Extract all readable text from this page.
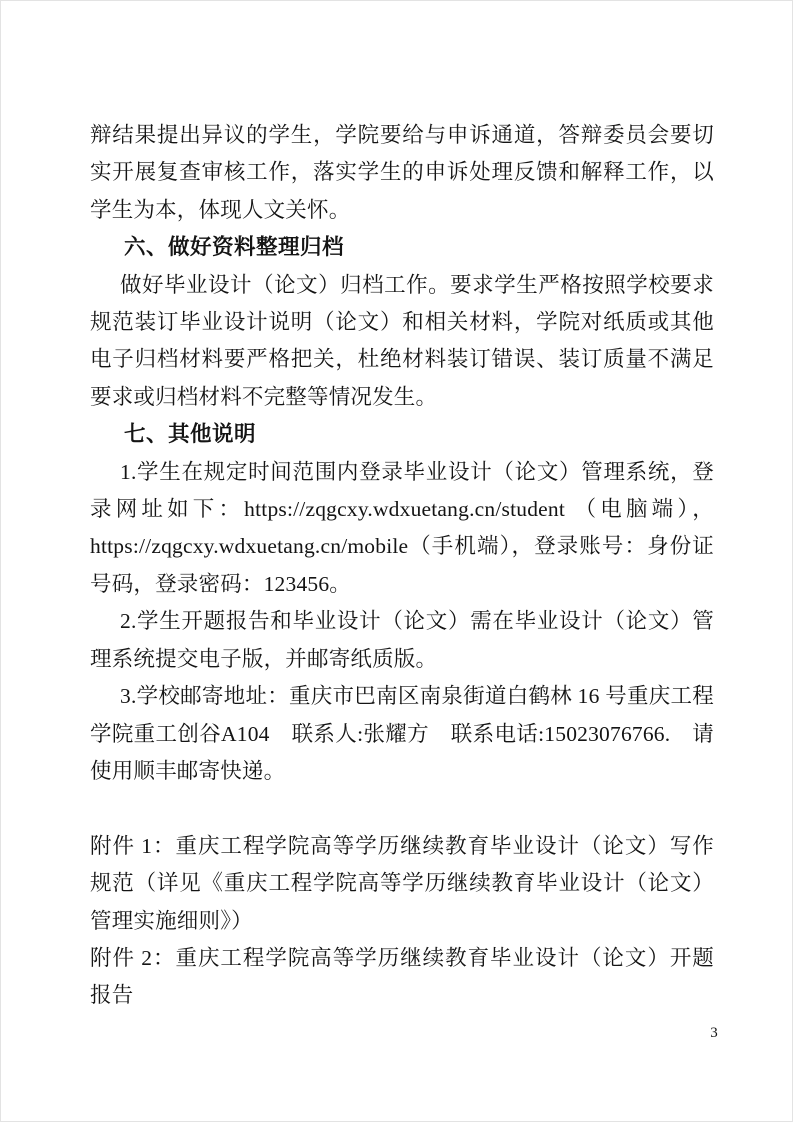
辩结果提出异议的学生，学院要给与申诉通道，答辩委员会要切实开展复查审核工作，落实学生的申诉处理反馈和解释工作，以学生为本，体现人文关怀。

六、做好资料整理归档

做好毕业设计（论文）归档工作。要求学生严格按照学校要求规范装订毕业设计说明（论文）和相关材料，学院对纸质或其他电子归档材料要严格把关，杜绝材料装订错误、装订质量不满足要求或归档材料不完整等情况发生。

七、其他说明

1.学生在规定时间范围内登录毕业设计（论文）管理系统，登录网址如下：https://zqgcxy.wdxuetang.cn/student （电脑端），https://zqgcxy.wdxuetang.cn/mobile（手机端），登录账号：身份证号码，登录密码：123456。

2.学生开题报告和毕业设计（论文）需在毕业设计（论文）管理系统提交电子版，并邮寄纸质版。

3.学校邮寄地址：重庆市巴南区南泉街道白鹤林 16 号重庆工程学院重工创谷A104　联系人:张耀方　联系电话:15023076766.　请使用顺丰邮寄快递。

附件 1：重庆工程学院高等学历继续教育毕业设计（论文）写作规范（详见《重庆工程学院高等学历继续教育毕业设计（论文）管理实施细则》）

附件 2：重庆工程学院高等学历继续教育毕业设计（论文）开题报告

3
